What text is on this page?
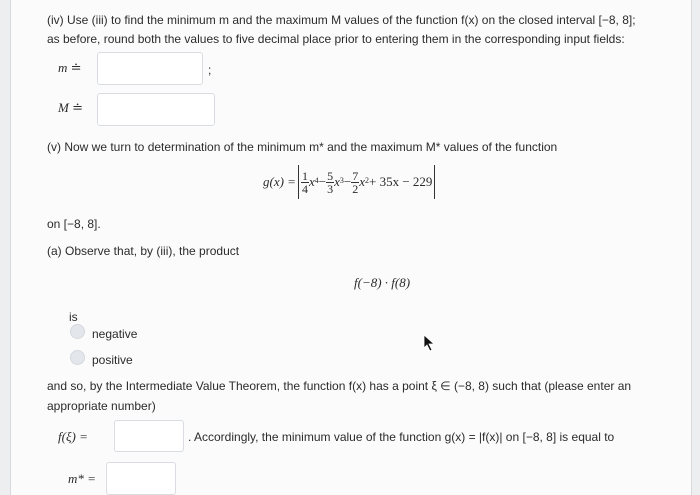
(iv) Use (iii) to find the minimum m and the maximum M values of the function f(x) on the closed interval [−8, 8];
as before, round both the values to five decimal place prior to entering them in the corresponding input fields:
m ≐	;
M ≐
(v) Now we turn to determination of the minimum m* and the maximum M* values of the function
$g(x) = \frac{1}{4}$ x $4 - \frac{5}{3}$ x $3 - \frac{7}{2}$ x 2 + 35x − 229
on [−8, 8].
(a) Observe that, by (iii), the product
f(−8) · f(8)
is
negative
positive
and so, by the Intermediate Value Theorem, the function f(x) has a point ξ ∈ (−8, 8) such that (please enter an
appropriate number)
f(ξ) =	. Accordingly, the minimum value of the function g(x) = |f(x)| on [−8, 8] is equal to
m* =
